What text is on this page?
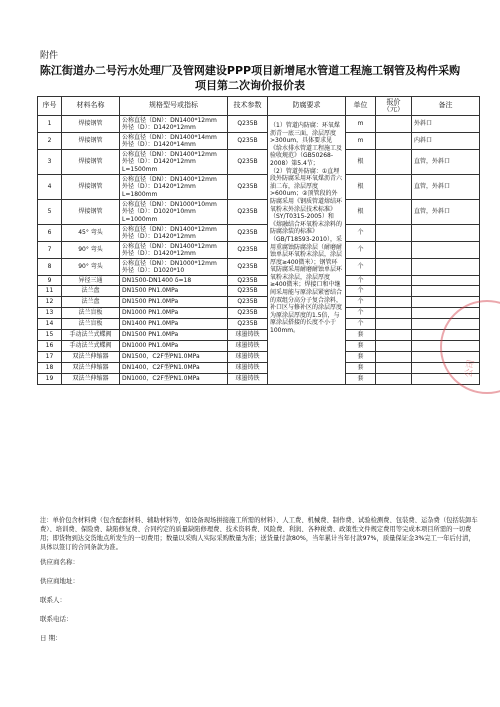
附件
陈江街道办二号污水处理厂及管网建设PPP项目新增尾水管道工程施工钢管及构件采购
项目第二次询价报价表
序号	材料名称	规格型号或指标	技术参数	防腐要求	单位	报价（元）	备注
1	焊接钢管	公称直径（DN）：DN1400*12mm
外径（D）：D1420*12mm	Q235B	（1）管道内防腐：环氧煤沥青一底三面，涂层厚度>300um，具体要求见《给水排水管道工程施工及验收规范》（GB50268-2008）第5.4节；
（2）管道外防腐：①直埋段外防腐采用环氧煤沥青六油二布，涂层厚度>600um；②顶管段的外防腐采用《钢质管道熔结环氧粉末外涂层技术标准》（SY/T0315-2005）和《熔融结合环氧粉末涂料的防腐涂装的标准》（GB/T18593-2010），采用重腐蚀防腐涂层（耐磨耐蚀单层环氧粉末涂层，涂层厚度≥400微米）；钢管环氧防腐采用耐磨耐蚀单层环氧粉末涂层，涂层厚度≥400微米；焊接口和中继间采用能与原涂层紧密结合的双组分高分子复合涂料，补口区与修补区的涂层厚度为原涂层厚度的1.5倍，与原涂层搭接的长度不小于100mm。	m		外斜口
2	焊接钢管	公称直径（DN）：DN1400*14mm
外径（D）：D1420*14mm	Q235B		m		内斜口
3	焊接钢管	公称直径（DN）：DN1400*12mm
外径（D）：D1420*12mm
L=1500mm	Q235B		根		直管，外斜口
4	焊接钢管	公称直径（DN）：DN1400*12mm
外径（D）：D1420*12mm
L=1800mm	Q235B		根		直管，外斜口
5	焊接钢管	公称直径（DN）：DN1000*10mm
外径（D）：D1020*10mm
L=1000mm	Q235B		根		直管，外斜口
6	45° 弯头	公称直径（DN）：DN1400*12mm
外径（D）：D1420*12mm	Q235B		个		
7	90° 弯头	公称直径（DN）：DN1400*12mm
外径（D）：D1420*12mm	Q235B		个		
8	90° 弯头	公称直径（DN）：DN1000*12mm
外径（D）：D1020*10	Q235B		个		
9	异径三通	DN1500-DN1400 δ=18	Q235B		个		
11	法兰盘	DN1500 PN1.0MPa	Q235B		个		
12	法兰盘	DN1500 PN1.0MPa	Q235B		个		
13	法兰盲板	DN1000 PN1.0MPa	Q235B		个		
14	法兰盲板	DN1400 PN1.0MPa	Q235B		个		
15	手动法兰式蝶阀	DN1500 PN1.0MPa	球墨铸铁		套		
16	手动法兰式蝶阀	DN1000 PN1.0MPa	球墨铸铁		套		
17	双法兰伸缩器	DN1500，C2F型PN1.0MPa	球墨铸铁		套		
18	双法兰伸缩器	DN1400，C2F型PN1.0MPa	球墨铸铁		套		
19	双法兰伸缩器	DN1000，C2F型PN1.0MPa	球墨铸铁		套		
公司
注：单价包含材料费（包含配套材料、辅助材料等，如设备现场拼接施工所需的材料）、人工费、机械费、制作费、试验检测费、包装费、运杂费（包括装卸车费）、培训费、保险费、缺陷修复费、合同约定的质量缺陷修理费、技术资料费、风险费、利润、各种税费、政策性文件规定费用等完成本项目所需的一切费用；即货物到达交货地点所发生的一切费用；数量以采购人实际采购数量为准；送货量付款80%，当年累计当年付款97%，质量保证金3%完工一年后付清，具体以签订的合同条款为准。
供应商名称：
供应商地址：
联系人：
联系电话：
日 期：
